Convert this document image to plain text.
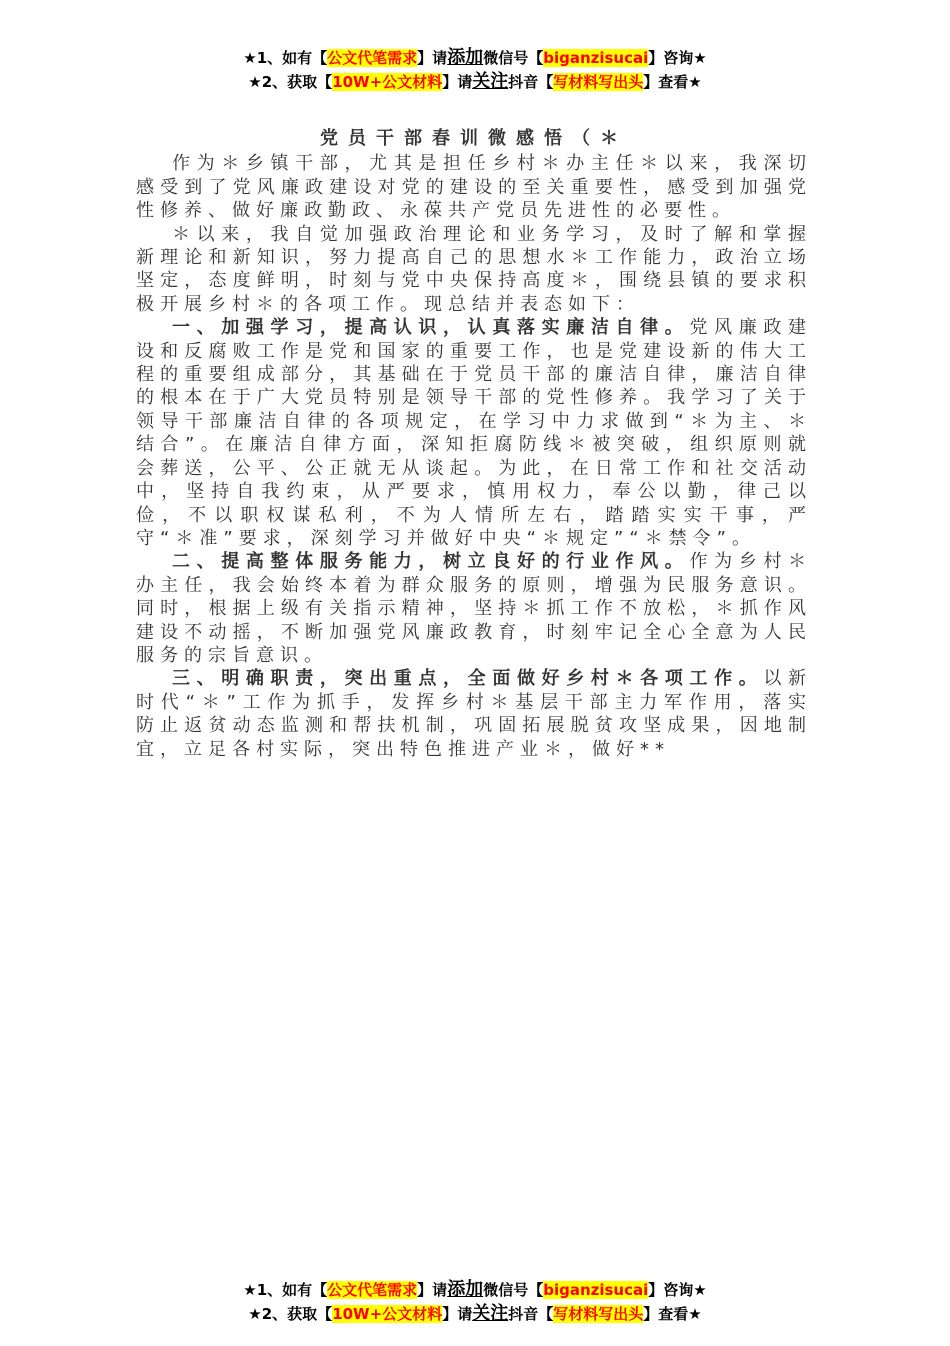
★1、如有【公文代笔需求】请添加微信号【biganzisucai】咨询★
★2、获取【10W+公文材料】请关注抖音【写材料写出头】查看★
党员干部春训微感悟（＊

作为＊乡镇干部，尤其是担任乡村＊办主任＊以来，我深切感受到了党风廉政建设对党的建设的至关重要性，感受到加强党性修养、做好廉政勤政、永葆共产党员先进性的必要性。

＊以来，我自觉加强政治理论和业务学习，及时了解和掌握新理论和新知识，努力提高自己的思想水＊工作能力，政治立场坚定，态度鲜明，时刻与党中央保持高度＊，围绕县镇的要求积极开展乡村＊的各项工作。现总结并表态如下：

一、加强学习，提高认识，认真落实廉洁自律。党风廉政建设和反腐败工作是党和国家的重要工作，也是党建设新的伟大工程的重要组成部分，其基础在于党员干部的廉洁自律，廉洁自律的根本在于广大党员特别是领导干部的党性修养。我学习了关于领导干部廉洁自律的各项规定，在学习中力求做到“＊为主、＊结合”。在廉洁自律方面，深知拒腐防线＊被突破，组织原则就会葬送，公平、公正就无从谈起。为此，在日常工作和社交活动中，坚持自我约束，从严要求，慎用权力，奉公以勤，律己以俭，不以职权谋私利，不为人情所左右，踏踏实实干事，严守“＊准”要求，深刻学习并做好中央“＊规定”“＊禁令”。

二、提高整体服务能力，树立良好的行业作风。作为乡村＊办主任，我会始终本着为群众服务的原则，增强为民服务意识。同时，根据上级有关指示精神，坚持＊抓工作不放松，＊抓作风建设不动摇，不断加强党风廉政教育，时刻牢记全心全意为人民服务的宗旨意识。

三、明确职责，突出重点，全面做好乡村＊各项工作。以新时代“＊”工作为抓手，发挥乡村＊基层干部主力军作用，落实防止返贫动态监测和帮扶机制，巩固拓展脱贫攻坚成果，因地制宜，立足各村实际，突出特色推进产业＊，做好**

★1、如有【公文代笔需求】请添加微信号【biganzisucai】咨询★
★2、获取【10W+公文材料】请关注抖音【写材料写出头】查看★
